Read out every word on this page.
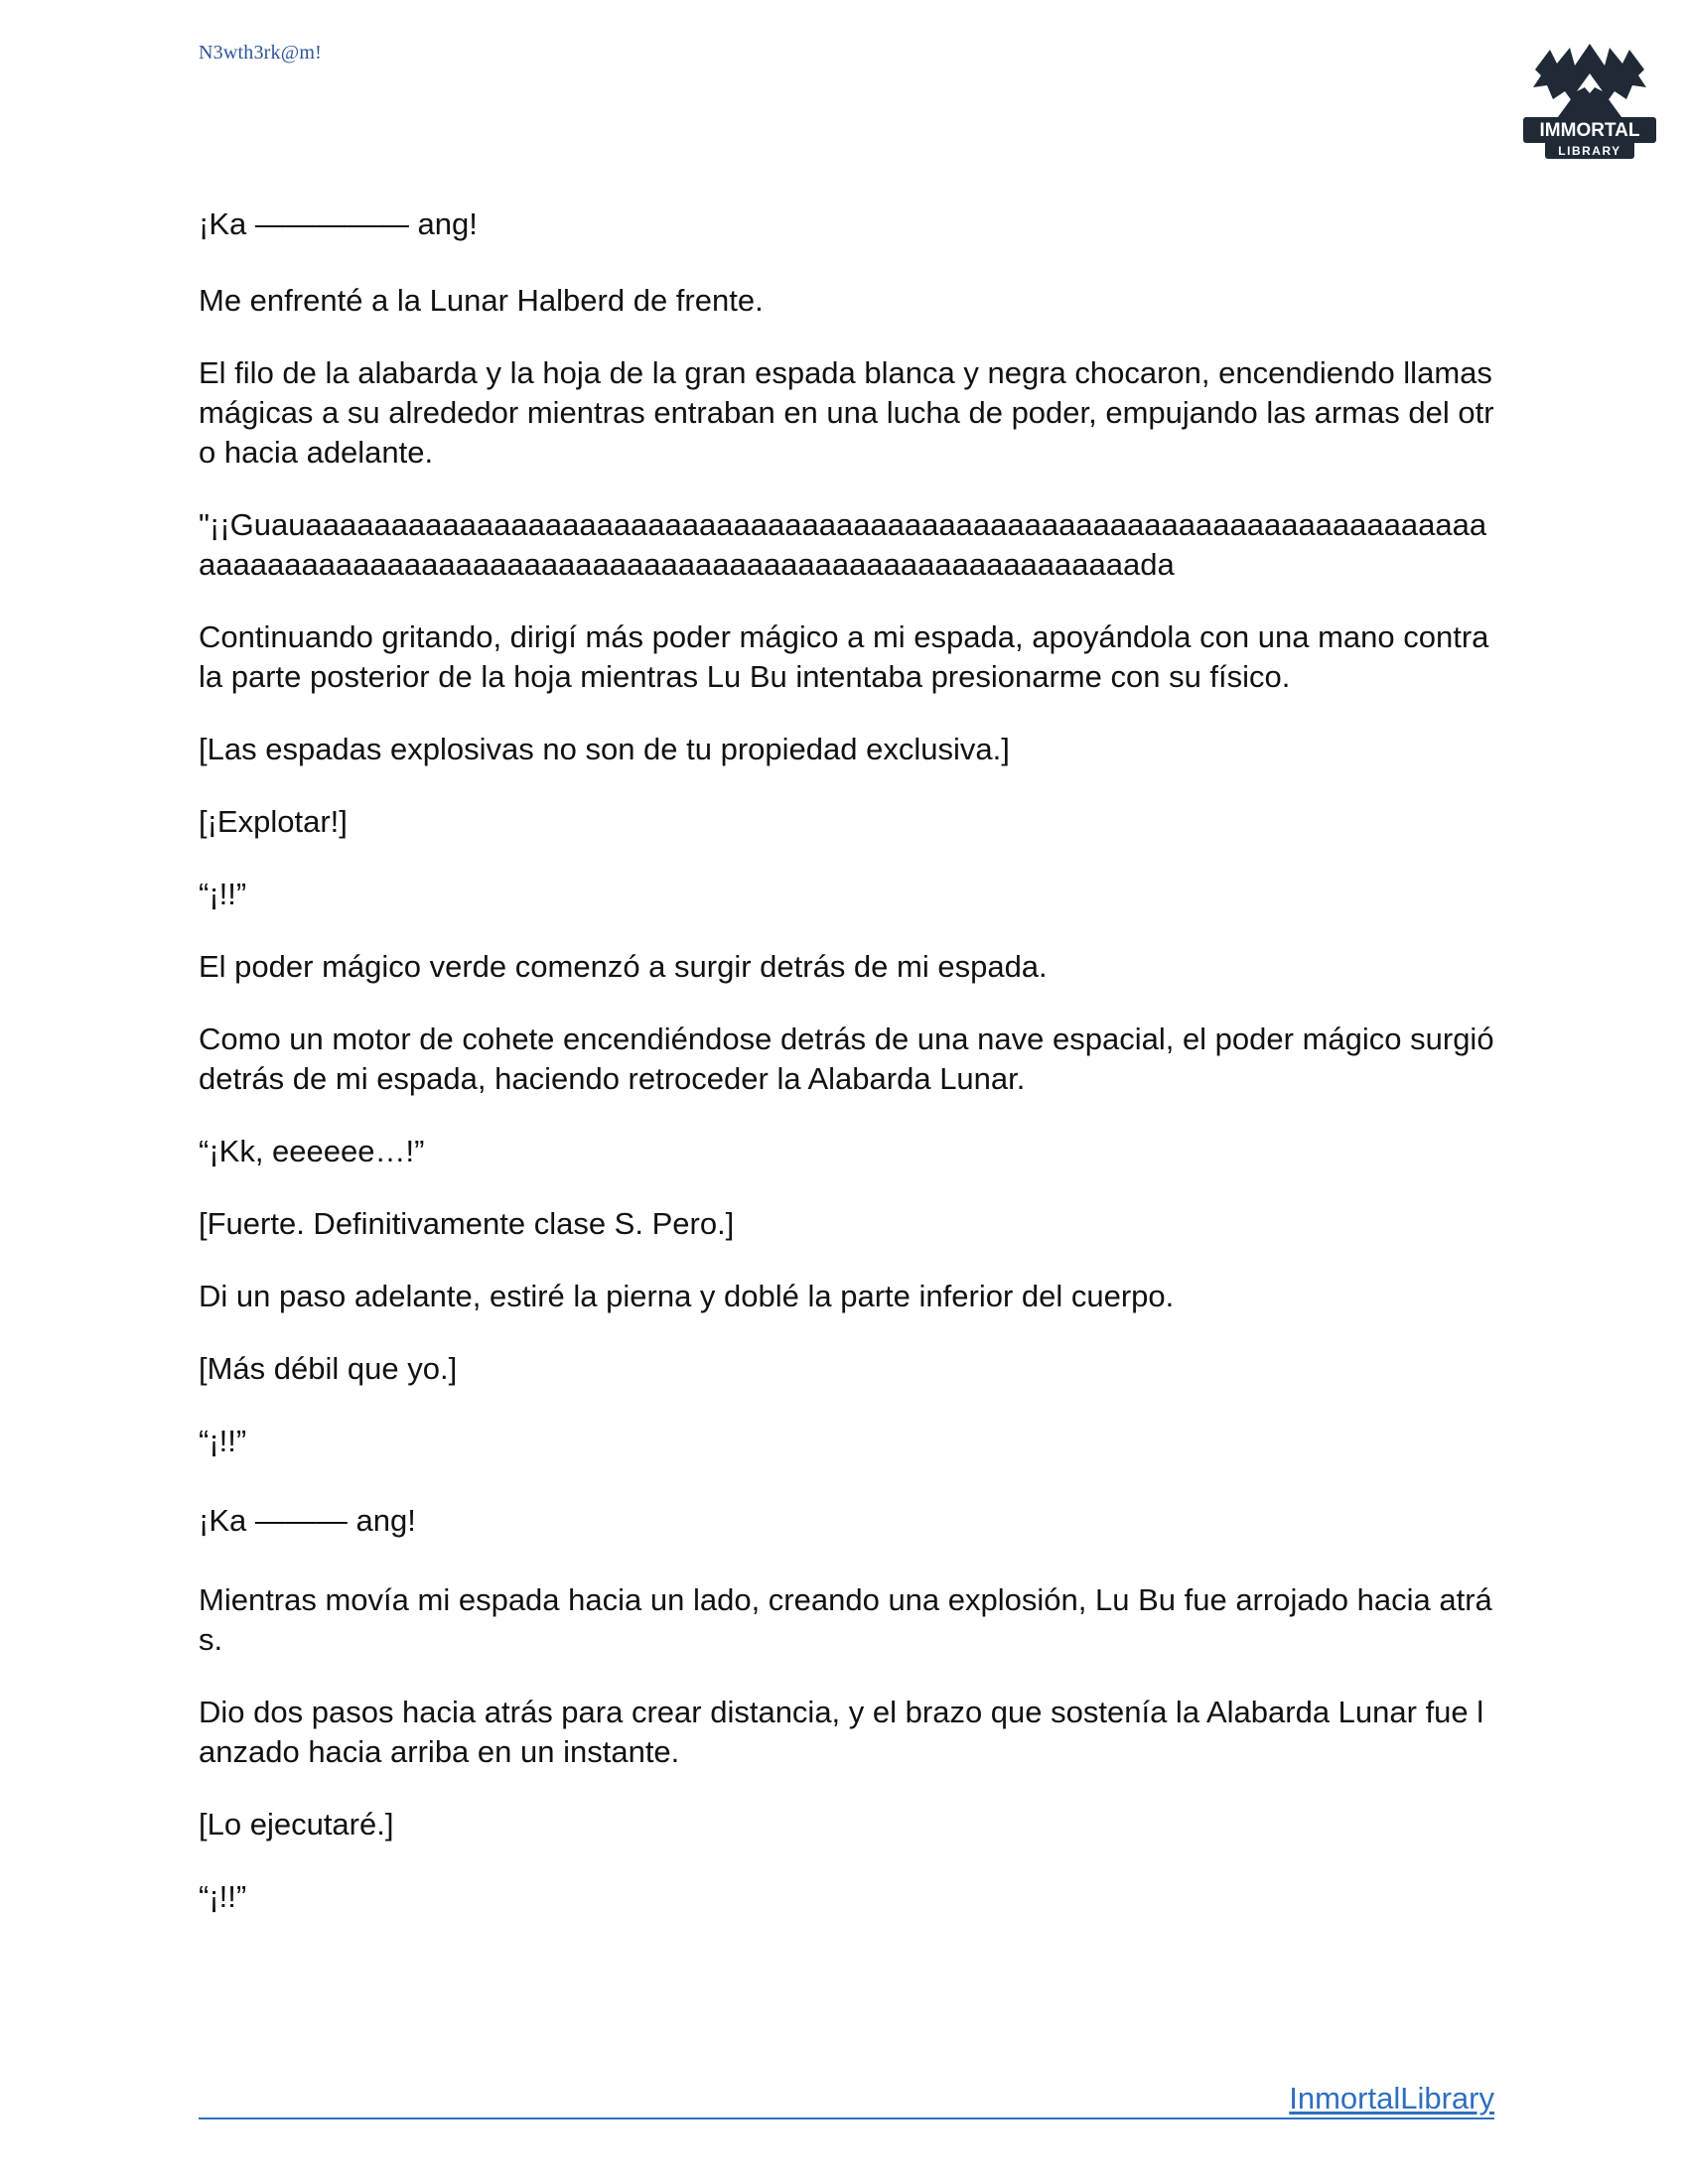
N3wth3rk@m!
IMMORTAL
LIBRARY

¡Ka ————— ang!

Me enfrenté a la Lunar Halberd de frente.

El filo de la alabarda y la hoja de la gran espada blanca y negra chocaron, encendiendo llamas mágicas a su alrededor mientras entraban en una lucha de poder, empujando las armas del otro hacia adelante.

"¡¡Guauaaaaaaaaaaaaaaaaaaaaaaaaaaaaaaaaaaaaaaaaaaaaaaaaaaaaaaaaaaaaaaaaaaaaaaaaaaaaaaaaaaaaaaaaaaaaaaaaaaaaaaaaaaaaaaaaaaaaaaaaaaaada

Continuando gritando, dirigí más poder mágico a mi espada, apoyándola con una mano contra la parte posterior de la hoja mientras Lu Bu intentaba presionarme con su físico.

[Las espadas explosivas no son de tu propiedad exclusiva.]

[¡Explotar!]

“¡!!”

El poder mágico verde comenzó a surgir detrás de mi espada.

Como un motor de cohete encendiéndose detrás de una nave espacial, el poder mágico surgió detrás de mi espada, haciendo retroceder la Alabarda Lunar.

“¡Kk, eeeeee…!”

[Fuerte. Definitivamente clase S. Pero.]

Di un paso adelante, estiré la pierna y doblé la parte inferior del cuerpo.

[Más débil que yo.]

“¡!!”

¡Ka ——— ang!

Mientras movía mi espada hacia un lado, creando una explosión, Lu Bu fue arrojado hacia atrás.

Dio dos pasos hacia atrás para crear distancia, y el brazo que sostenía la Alabarda Lunar fue lanzado hacia arriba en un instante.

[Lo ejecutaré.]

“¡!!”

InmortalLibrary
